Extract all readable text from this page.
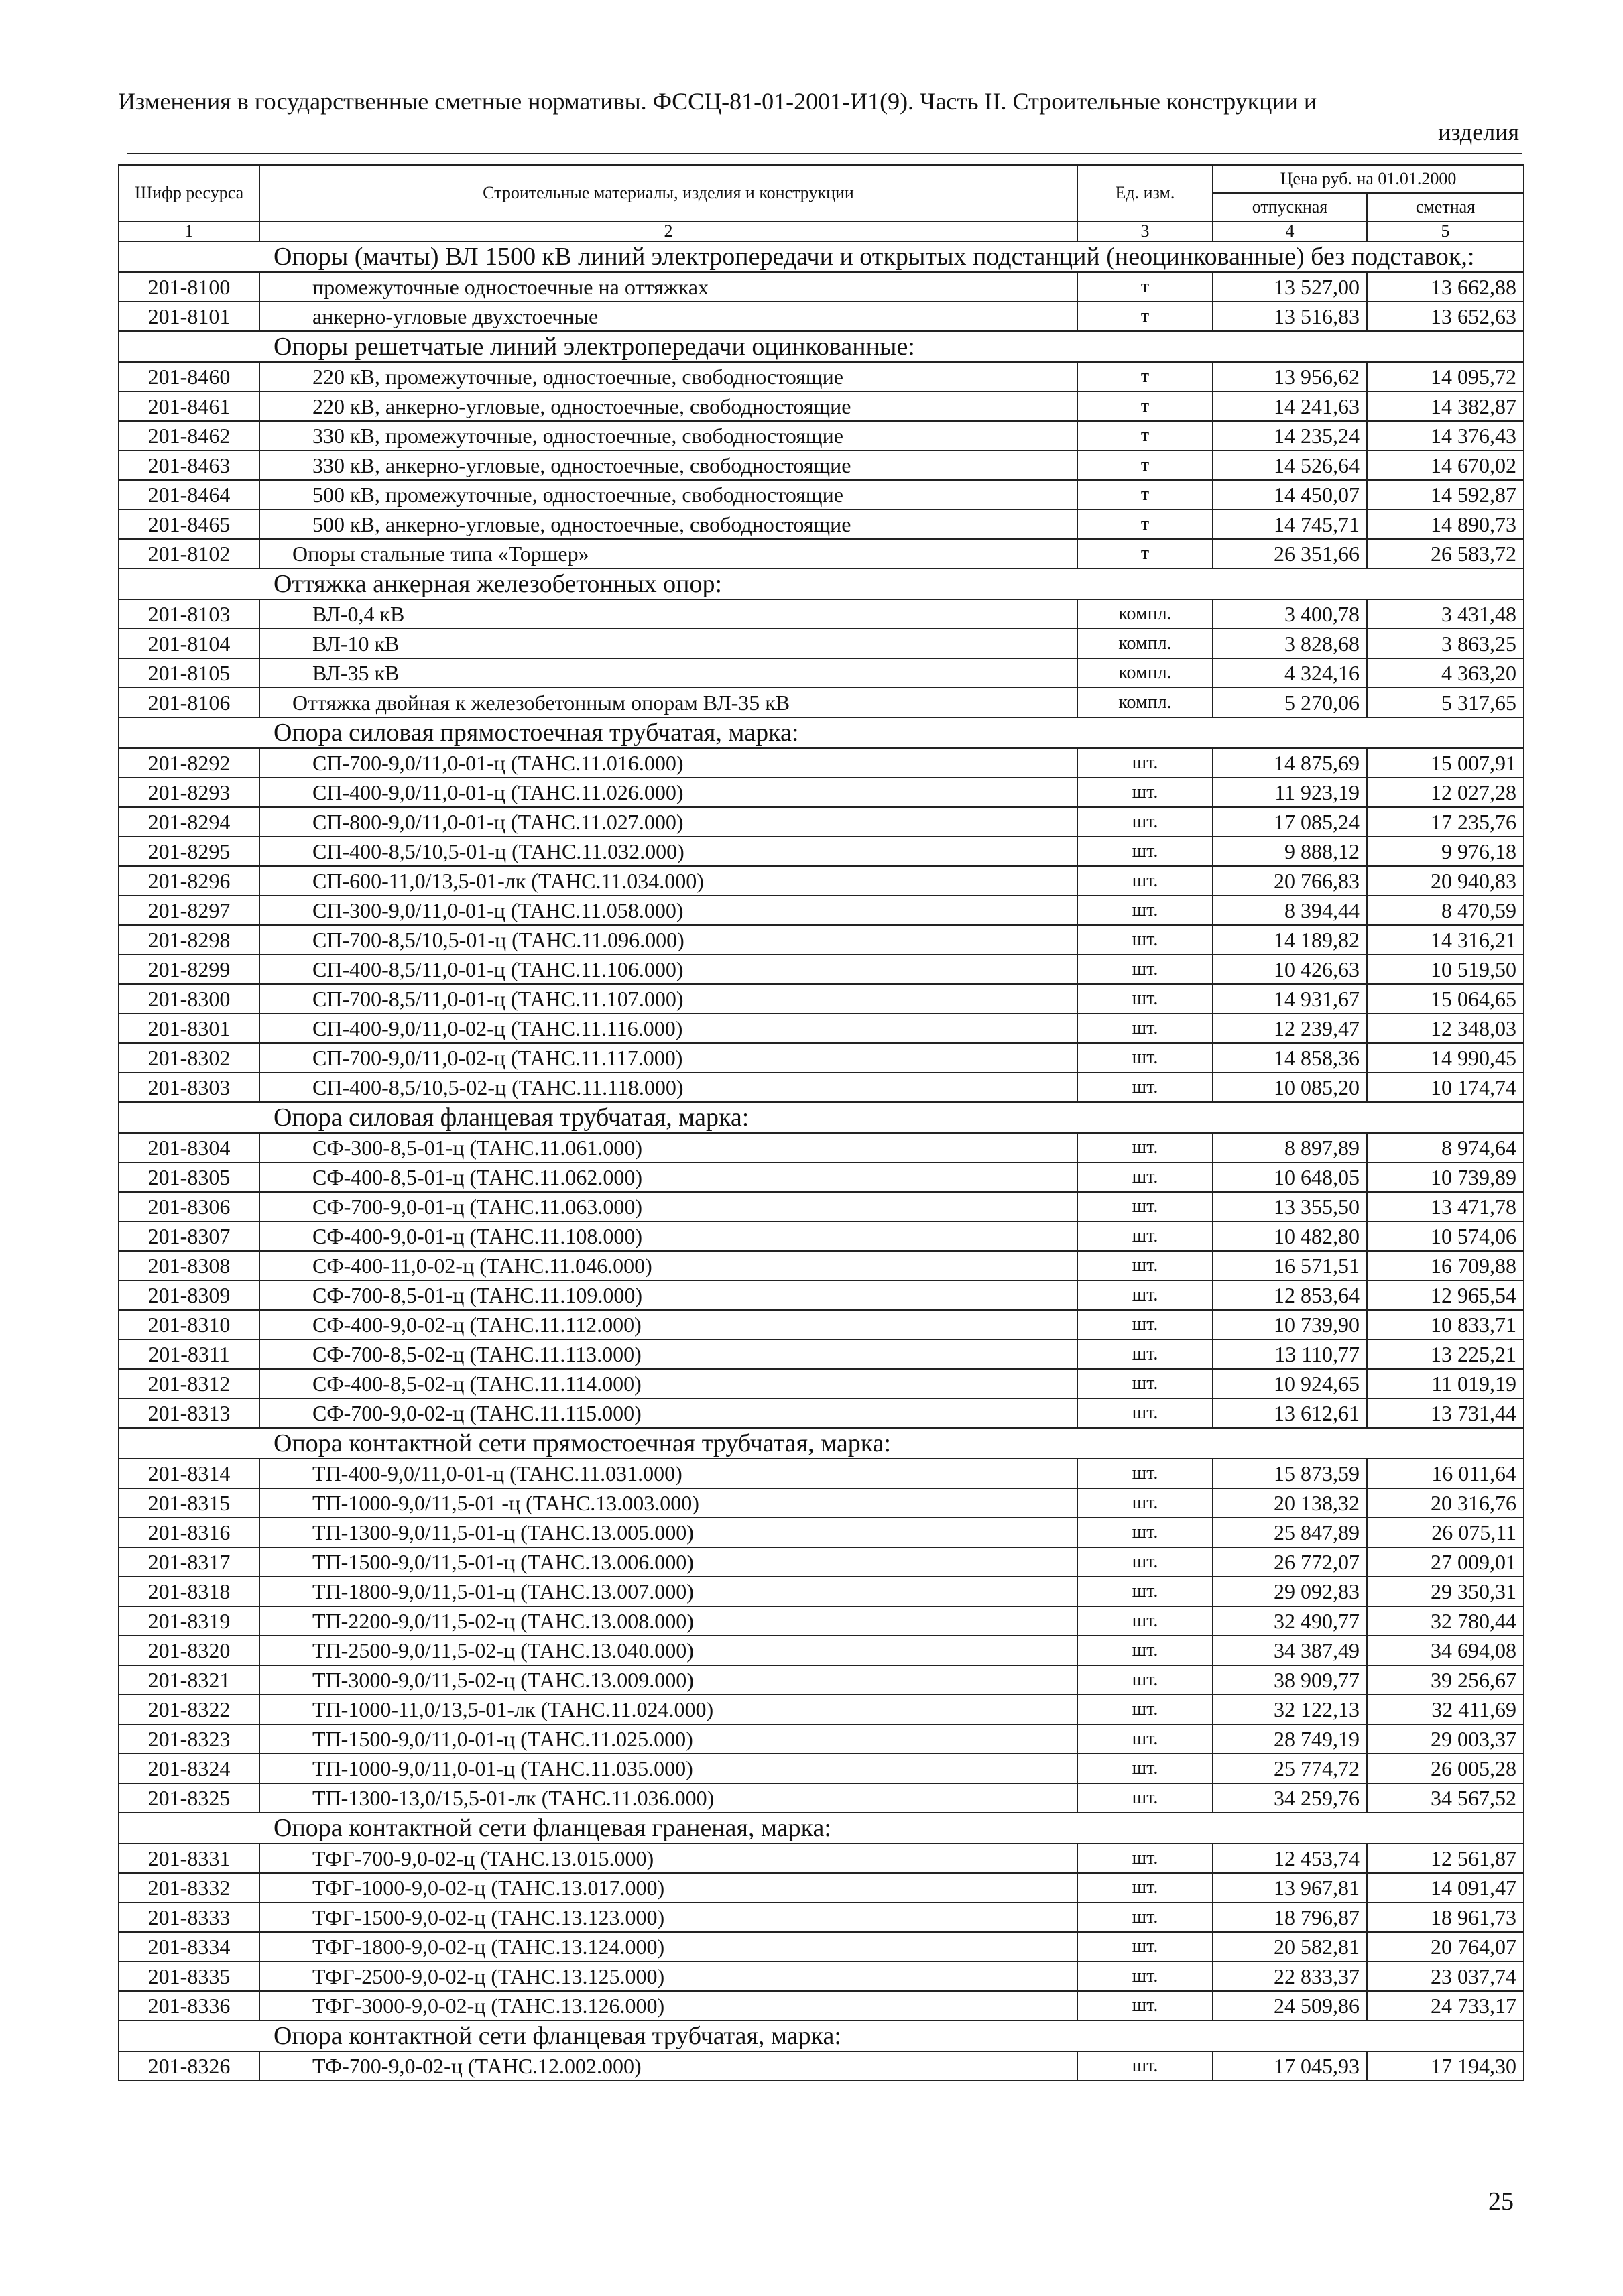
Изменения в государственные сметные нормативы. ФССЦ-81-01-2001-И1(9). Часть II. Строительные конструкции и
изделия
Шифр ресурса	Строительные материалы, изделия и конструкции	Ед. изм.	Цена руб. на 01.01.2000	
			отпускная	сметная
1	2	3	4	5
Опоры (мачты) ВЛ 1500 кВ линий электропередачи и открытых подстанций (неоцинкованные) без подставок,:				
201-8100	промежуточные одностоечные на оттяжках	т	13 527,00	13 662,88
201-8101	анкерно-угловые двухстоечные	т	13 516,83	13 652,63
Опоры решетчатые линий электропередачи оцинкованные:				
201-8460	220 кВ, промежуточные, одностоечные, свободностоящие	т	13 956,62	14 095,72
201-8461	220 кВ, анкерно-угловые, одностоечные, свободностоящие	т	14 241,63	14 382,87
201-8462	330 кВ, промежуточные, одностоечные, свободностоящие	т	14 235,24	14 376,43
201-8463	330 кВ, анкерно-угловые, одностоечные, свободностоящие	т	14 526,64	14 670,02
201-8464	500 кВ, промежуточные, одностоечные, свободностоящие	т	14 450,07	14 592,87
201-8465	500 кВ, анкерно-угловые, одностоечные, свободностоящие	т	14 745,71	14 890,73
201-8102	Опоры стальные типа «Торшер»	т	26 351,66	26 583,72
Оттяжка анкерная железобетонных опор:				
201-8103	ВЛ-0,4 кВ	компл.	3 400,78	3 431,48
201-8104	ВЛ-10 кВ	компл.	3 828,68	3 863,25
201-8105	ВЛ-35 кВ	компл.	4 324,16	4 363,20
201-8106	Оттяжка двойная к железобетонным опорам ВЛ-35 кВ	компл.	5 270,06	5 317,65
Опора силовая прямостоечная трубчатая, марка:				
201-8292	СП-700-9,0/11,0-01-ц (ТАНС.11.016.000)	шт.	14 875,69	15 007,91
201-8293	СП-400-9,0/11,0-01-ц (ТАНС.11.026.000)	шт.	11 923,19	12 027,28
201-8294	СП-800-9,0/11,0-01-ц (ТАНС.11.027.000)	шт.	17 085,24	17 235,76
201-8295	СП-400-8,5/10,5-01-ц (ТАНС.11.032.000)	шт.	9 888,12	9 976,18
201-8296	СП-600-11,0/13,5-01-лк (ТАНС.11.034.000)	шт.	20 766,83	20 940,83
201-8297	СП-300-9,0/11,0-01-ц (ТАНС.11.058.000)	шт.	8 394,44	8 470,59
201-8298	СП-700-8,5/10,5-01-ц (ТАНС.11.096.000)	шт.	14 189,82	14 316,21
201-8299	СП-400-8,5/11,0-01-ц (ТАНС.11.106.000)	шт.	10 426,63	10 519,50
201-8300	СП-700-8,5/11,0-01-ц (ТАНС.11.107.000)	шт.	14 931,67	15 064,65
201-8301	СП-400-9,0/11,0-02-ц (ТАНС.11.116.000)	шт.	12 239,47	12 348,03
201-8302	СП-700-9,0/11,0-02-ц (ТАНС.11.117.000)	шт.	14 858,36	14 990,45
201-8303	СП-400-8,5/10,5-02-ц (ТАНС.11.118.000)	шт.	10 085,20	10 174,74
Опора силовая фланцевая трубчатая, марка:				
201-8304	СФ-300-8,5-01-ц (ТАНС.11.061.000)	шт.	8 897,89	8 974,64
201-8305	СФ-400-8,5-01-ц (ТАНС.11.062.000)	шт.	10 648,05	10 739,89
201-8306	СФ-700-9,0-01-ц (ТАНС.11.063.000)	шт.	13 355,50	13 471,78
201-8307	СФ-400-9,0-01-ц (ТАНС.11.108.000)	шт.	10 482,80	10 574,06
201-8308	СФ-400-11,0-02-ц (ТАНС.11.046.000)	шт.	16 571,51	16 709,88
201-8309	СФ-700-8,5-01-ц (ТАНС.11.109.000)	шт.	12 853,64	12 965,54
201-8310	СФ-400-9,0-02-ц (ТАНС.11.112.000)	шт.	10 739,90	10 833,71
201-8311	СФ-700-8,5-02-ц (ТАНС.11.113.000)	шт.	13 110,77	13 225,21
201-8312	СФ-400-8,5-02-ц (ТАНС.11.114.000)	шт.	10 924,65	11 019,19
201-8313	СФ-700-9,0-02-ц (ТАНС.11.115.000)	шт.	13 612,61	13 731,44
Опора контактной сети прямостоечная трубчатая, марка:				
201-8314	ТП-400-9,0/11,0-01-ц (ТАНС.11.031.000)	шт.	15 873,59	16 011,64
201-8315	ТП-1000-9,0/11,5-01 -ц (ТАНС.13.003.000)	шт.	20 138,32	20 316,76
201-8316	ТП-1300-9,0/11,5-01-ц (ТАНС.13.005.000)	шт.	25 847,89	26 075,11
201-8317	ТП-1500-9,0/11,5-01-ц (ТАНС.13.006.000)	шт.	26 772,07	27 009,01
201-8318	ТП-1800-9,0/11,5-01-ц (ТАНС.13.007.000)	шт.	29 092,83	29 350,31
201-8319	ТП-2200-9,0/11,5-02-ц (ТАНС.13.008.000)	шт.	32 490,77	32 780,44
201-8320	ТП-2500-9,0/11,5-02-ц (ТАНС.13.040.000)	шт.	34 387,49	34 694,08
201-8321	ТП-3000-9,0/11,5-02-ц (ТАНС.13.009.000)	шт.	38 909,77	39 256,67
201-8322	ТП-1000-11,0/13,5-01-лк (ТАНС.11.024.000)	шт.	32 122,13	32 411,69
201-8323	ТП-1500-9,0/11,0-01-ц (ТАНС.11.025.000)	шт.	28 749,19	29 003,37
201-8324	ТП-1000-9,0/11,0-01-ц (ТАНС.11.035.000)	шт.	25 774,72	26 005,28
201-8325	ТП-1300-13,0/15,5-01-лк (ТАНС.11.036.000)	шт.	34 259,76	34 567,52
Опора контактной сети фланцевая граненая, марка:				
201-8331	ТФГ-700-9,0-02-ц (ТАНС.13.015.000)	шт.	12 453,74	12 561,87
201-8332	ТФГ-1000-9,0-02-ц (ТАНС.13.017.000)	шт.	13 967,81	14 091,47
201-8333	ТФГ-1500-9,0-02-ц (ТАНС.13.123.000)	шт.	18 796,87	18 961,73
201-8334	ТФГ-1800-9,0-02-ц (ТАНС.13.124.000)	шт.	20 582,81	20 764,07
201-8335	ТФГ-2500-9,0-02-ц (ТАНС.13.125.000)	шт.	22 833,37	23 037,74
201-8336	ТФГ-3000-9,0-02-ц (ТАНС.13.126.000)	шт.	24 509,86	24 733,17
Опора контактной сети фланцевая трубчатая, марка:				
201-8326	ТФ-700-9,0-02-ц (ТАНС.12.002.000)	шт.	17 045,93	17 194,30
25
